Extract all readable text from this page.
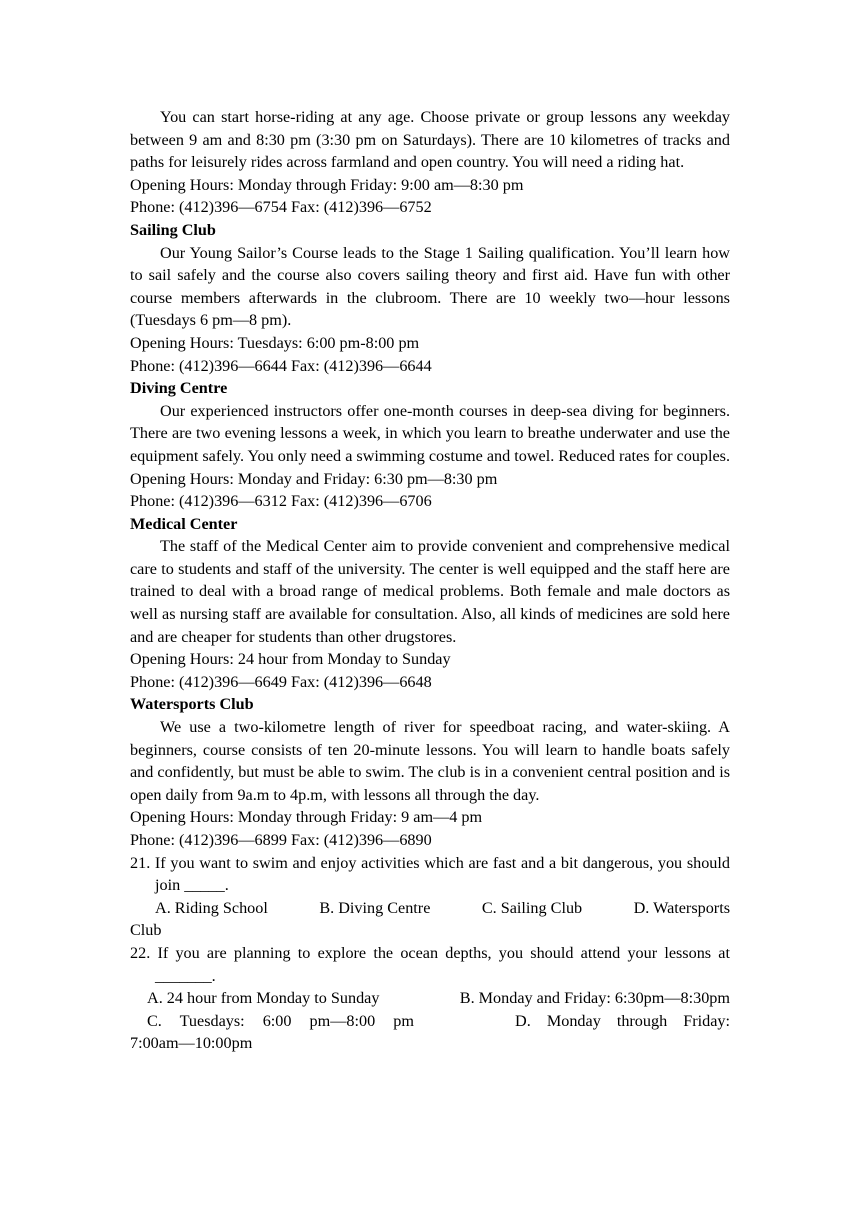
You can start horse-riding at any age. Choose private or group lessons any weekday between 9 am and 8:30 pm (3:30 pm on Saturdays). There are 10 kilometres of tracks and paths for leisurely rides across farmland and open country. You will need a riding hat.

Opening Hours: Monday through Friday: 9:00 am—8:30 pm

Phone: (412)396—6754 Fax: (412)396—6752

Sailing Club

Our Young Sailor’s Course leads to the Stage 1 Sailing qualification. You’ll learn how to sail safely and the course also covers sailing theory and first aid. Have fun with other course members afterwards in the clubroom. There are 10 weekly two—hour lessons (Tuesdays 6 pm—8 pm).

Opening Hours: Tuesdays: 6:00 pm-8:00 pm

Phone: (412)396—6644 Fax: (412)396—6644

Diving Centre

Our experienced instructors offer one-month courses in deep-sea diving for beginners. There are two evening lessons a week, in which you learn to breathe underwater and use the equipment safely. You only need a swimming costume and towel. Reduced rates for couples.

Opening Hours: Monday and Friday: 6:30 pm—8:30 pm

Phone: (412)396—6312 Fax: (412)396—6706

Medical Center

The staff of the Medical Center aim to provide convenient and comprehensive medical care to students and staff of the university. The center is well equipped and the staff here are trained to deal with a broad range of medical problems. Both female and male doctors as well as nursing staff are available for consultation. Also, all kinds of medicines are sold here and are cheaper for students than other drugstores.

Opening Hours: 24 hour from Monday to Sunday

Phone: (412)396—6649 Fax: (412)396—6648

Watersports Club

We use a two-kilometre length of river for speedboat racing, and water-skiing. A beginners, course consists of ten 20-minute lessons. You will learn to handle boats safely and confidently, but must be able to swim. The club is in a convenient central position and is open daily from 9a.m to 4p.m, with lessons all through the day.

Opening Hours: Monday through Friday: 9 am—4 pm

Phone: (412)396—6899 Fax: (412)396—6890

21. If you want to swim and enjoy activities which are fast and a bit dangerous, you should join _____.

A. Riding School	B. Diving Centre	C. Sailing Club	D. Watersports

Club

22. If you are planning to explore the ocean depths, you should attend your lessons at _______.

A. 24 hour from Monday to Sunday	B. Monday and Friday: 6:30pm—8:30pm
C. Tuesdays: 6:00 pm—8:00 pm	D. Monday through Friday:

7:00am—10:00pm
